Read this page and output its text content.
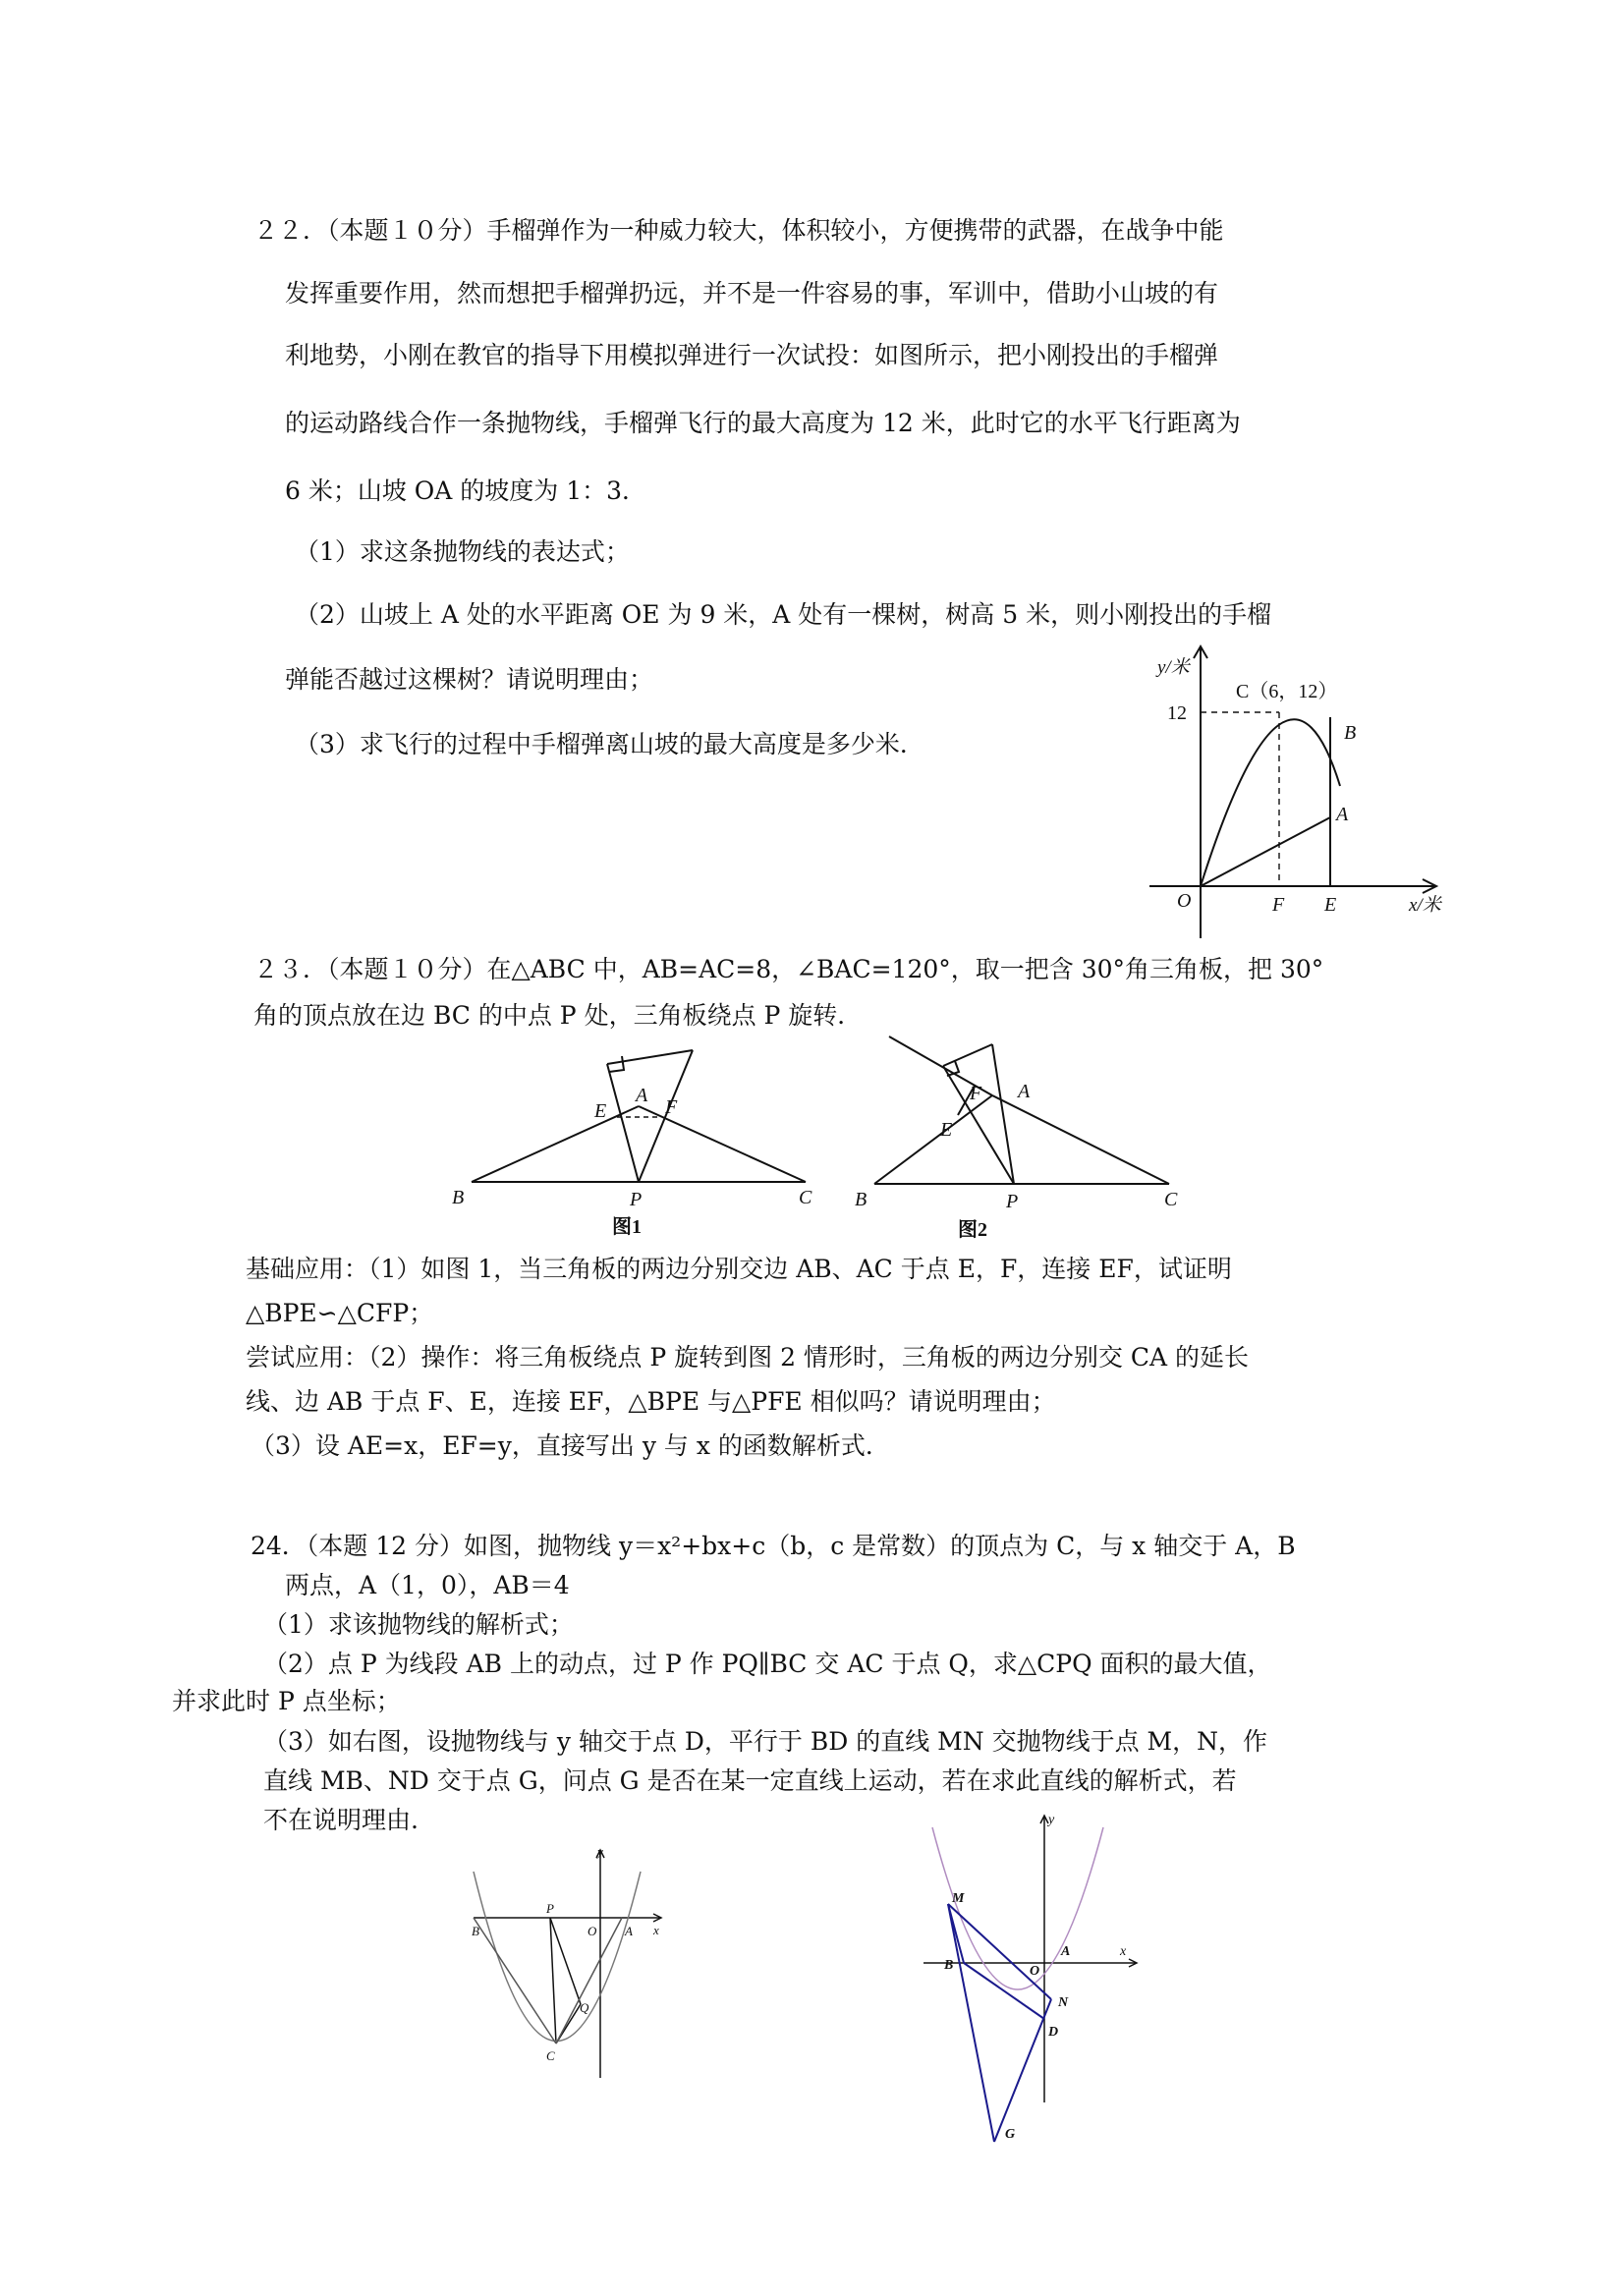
２２．（本题１０分）手榴弹作为一种威力较大，体积较小，方便携带的武器，在战争中能
发挥重要作用，然而想把手榴弹扔远，并不是一件容易的事，军训中，借助小山坡的有
利地势，小刚在教官的指导下用模拟弹进行一次试投：如图所示，把小刚投出的手榴弹
的运动路线合作一条抛物线，手榴弹飞行的最大高度为 12 米，此时它的水平飞行距离为
6 米；山坡 OA 的坡度为 1：3．
（1）求这条抛物线的表达式；
（2）山坡上 A 处的水平距离 OE 为 9 米，A 处有一棵树，树高 5 米，则小刚投出的手榴
弹能否越过这棵树？请说明理由；
（3）求飞行的过程中手榴弹离山坡的最大高度是多少米．
y/米
x/米
O
12
C（6，12）
B
A
F E
２３．（本题１０分）在△ABC 中，AB=AC=8，∠BAC=120°，取一把含 30°角三角板，把 30°
角的顶点放在边 BC 的中点 P 处，三角板绕点 P 旋转．
B	C
P
A
E	F
图1
B	C
P
A
E
F
图2
基础应用：（1）如图 1，当三角板的两边分别交边 AB、AC 于点 E，F，连接 EF，试证明
△BPE∽△CFP；
尝试应用：（2）操作：将三角板绕点 P 旋转到图 2 情形时，三角板的两边分别交 CA 的延长
线、边 AB 于点 F、E，连接 EF，△BPE 与△PFE 相似吗？请说明理由；
（3）设 AE=x，EF=y，直接写出 y 与 x 的函数解析式．
24．（本题 12 分）如图，抛物线 y＝x²+bx+c（b，c 是常数）的顶点为 C，与 x 轴交于 A，B
两点，A（1，0），AB＝4
（1）求该抛物线的解析式；
（2）点 P 为线段 AB 上的动点，过 P 作 PQ∥BC 交 AC 于点 Q，求△CPQ 面积的最大值，
并求此时 P 点坐标；
（3）如右图，设抛物线与 y 轴交于点 D，平行于 BD 的直线 MN 交抛物线于点 M，N，作
直线 MB、ND 交于点 G，问点 G 是否在某一定直线上运动，若在求此直线的解析式，若
不在说明理由.
y
x
B
P
O A
Q
C
y
x
M
B	O
A
N
D
G
